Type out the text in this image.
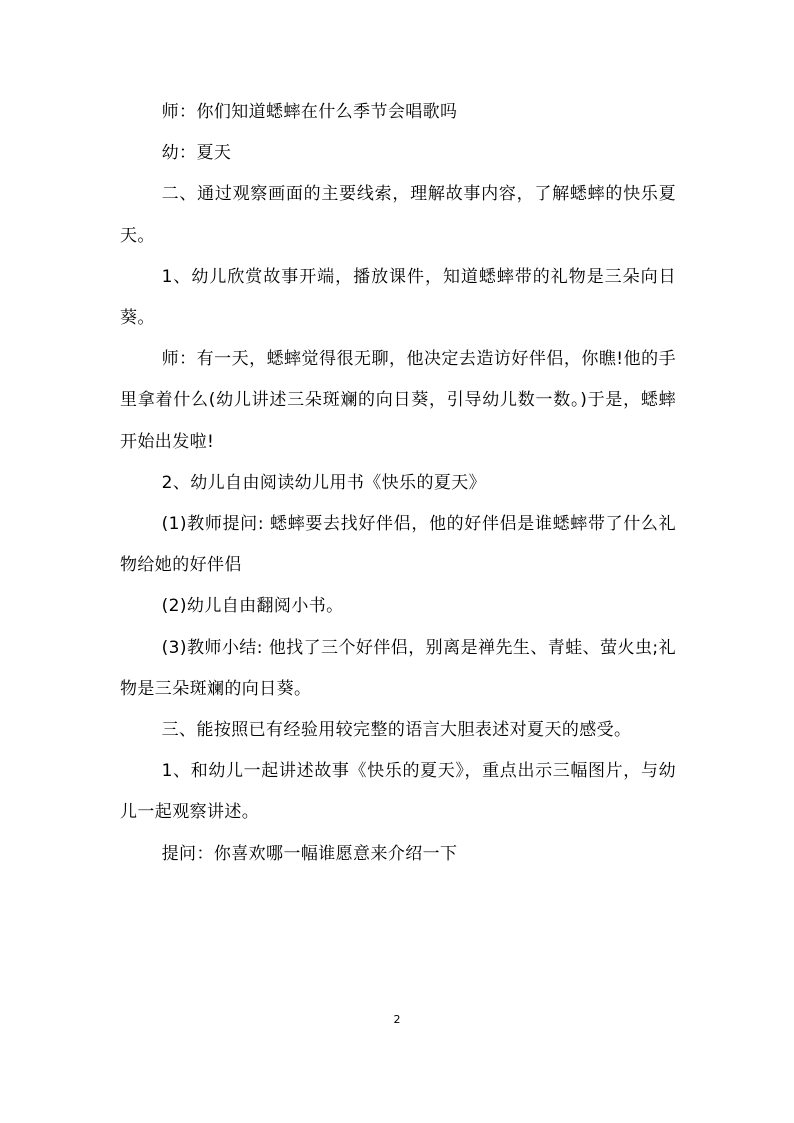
师：你们知道蟋蟀在什么季节会唱歌吗

幼：夏天

二、通过观察画面的主要线索，理解故事内容，了解蟋蟀的快乐夏天。

1、幼儿欣赏故事开端，播放课件，知道蟋蟀带的礼物是三朵向日葵。

师：有一天，蟋蟀觉得很无聊，他决定去造访好伴侣，你瞧!他的手里拿着什么(幼儿讲述三朵斑斓的向日葵，引导幼儿数一数。)于是，蟋蟀开始出发啦!

2、幼儿自由阅读幼儿用书《快乐的夏天》

(1)教师提问: 蟋蟀要去找好伴侣，他的好伴侣是谁蟋蟀带了什么礼物给她的好伴侣

(2)幼儿自由翻阅小书。

(3)教师小结: 他找了三个好伴侣，别离是禅先生、青蛙、萤火虫;礼物是三朵斑斓的向日葵。

三、能按照已有经验用较完整的语言大胆表述对夏天的感受。

1、和幼儿一起讲述故事《快乐的夏天》，重点出示三幅图片，与幼儿一起观察讲述。

提问：你喜欢哪一幅谁愿意来介绍一下

2
